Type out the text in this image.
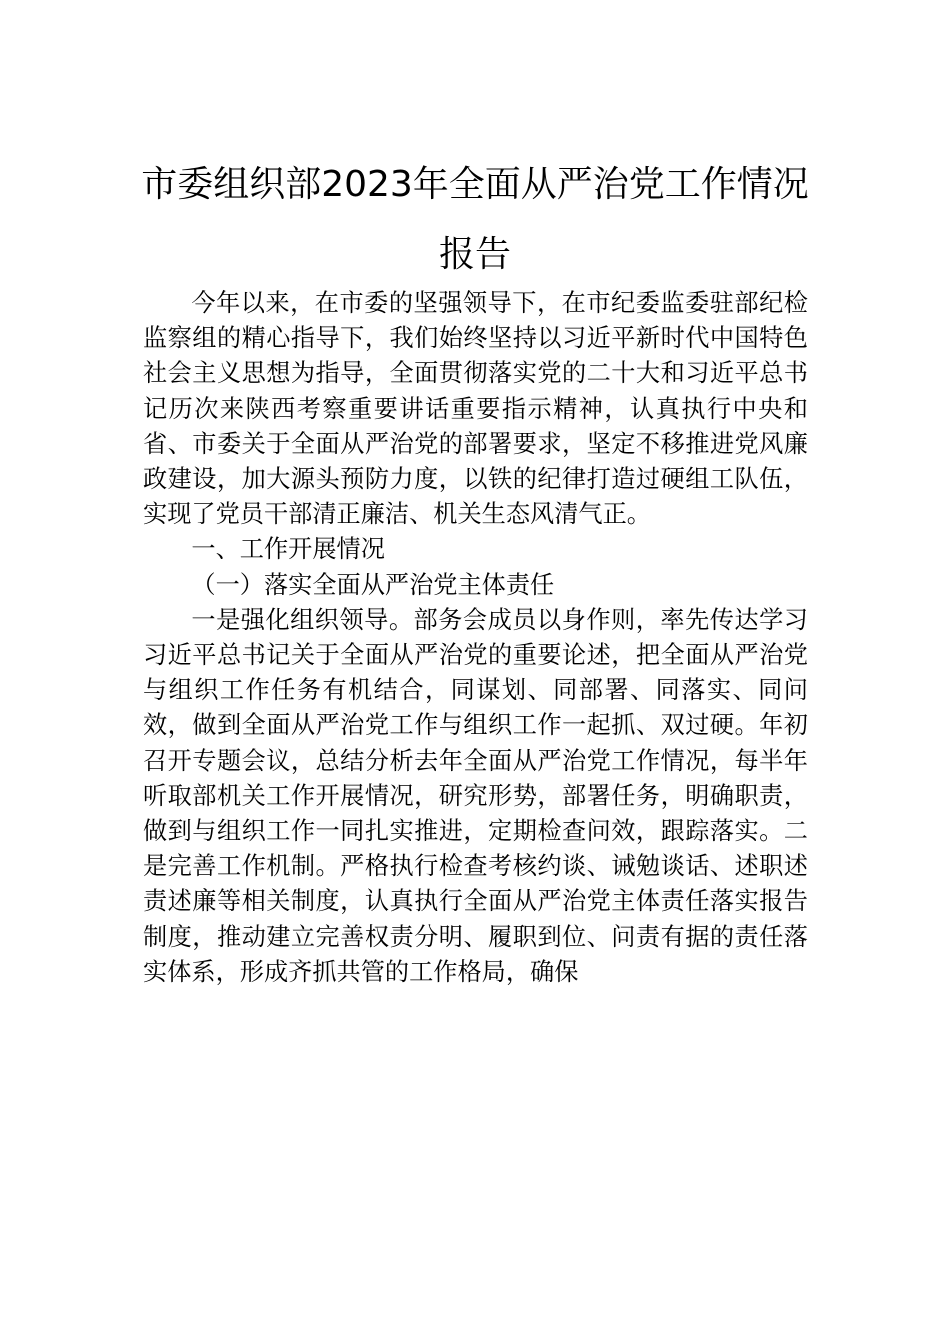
市委组织部2023年全面从严治党工作情况
报告

今年以来，在市委的坚强领导下，在市纪委监委驻部纪检监察组的精心指导下，我们始终坚持以习近平新时代中国特色社会主义思想为指导，全面贯彻落实党的二十大和习近平总书记历次来陕西考察重要讲话重要指示精神，认真执行中央和省、市委关于全面从严治党的部署要求，坚定不移推进党风廉政建设，加大源头预防力度，以铁的纪律打造过硬组工队伍，实现了党员干部清正廉洁、机关生态风清气正。

一、工作开展情况

（一）落实全面从严治党主体责任

一是强化组织领导。部务会成员以身作则，率先传达学习习近平总书记关于全面从严治党的重要论述，把全面从严治党与组织工作任务有机结合，同谋划、同部署、同落实、同问效，做到全面从严治党工作与组织工作一起抓、双过硬。年初召开专题会议，总结分析去年全面从严治党工作情况，每半年听取部机关工作开展情况，研究形势，部署任务，明确职责，做到与组织工作一同扎实推进，定期检查问效，跟踪落实。二是完善工作机制。严格执行检查考核约谈、诫勉谈话、述职述责述廉等相关制度，认真执行全面从严治党主体责任落实报告制度，推动建立完善权责分明、履职到位、问责有据的责任落实体系，形成齐抓共管的工作格局，确保
